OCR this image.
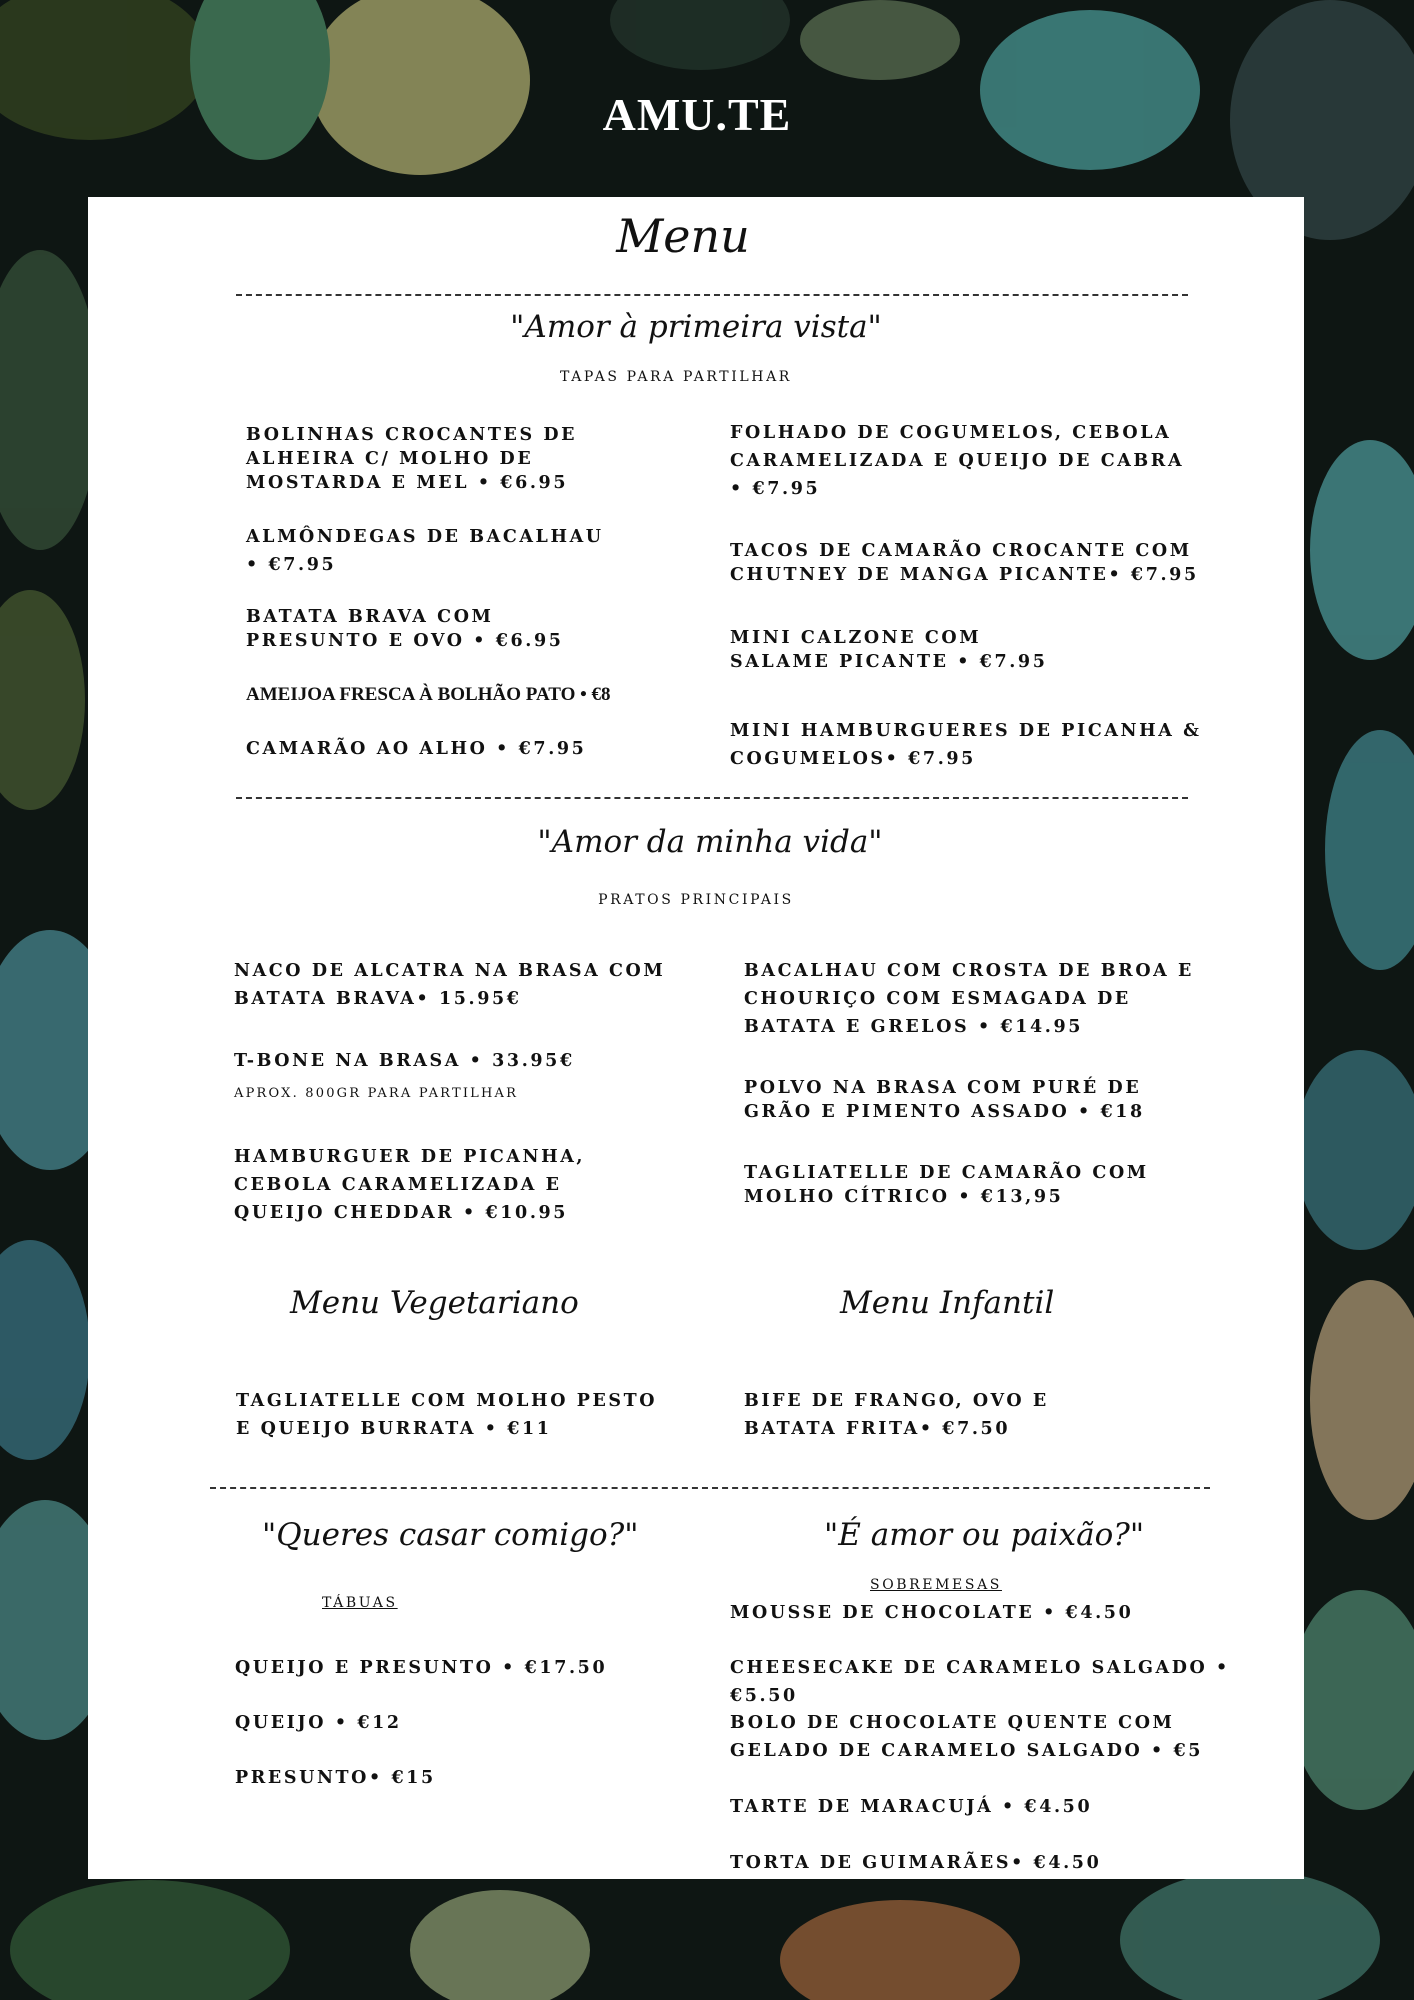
AMU.TE
Menu
"Amor à primeira vista"
TAPAS PARA PARTILHAR
BOLINHAS CROCANTES DE
ALHEIRA C/ MOLHO DE
MOSTARDA E MEL • €6.95
ALMÔNDEGAS DE BACALHAU
• €7.95
BATATA BRAVA COM
PRESUNTO E OVO • €6.95
AMEIJOA FRESCA À BOLHÃO PATO • €8
CAMARÃO AO ALHO • €7.95
FOLHADO DE COGUMELOS, CEBOLA
CARAMELIZADA E QUEIJO DE CABRA
• €7.95
TACOS DE CAMARÃO CROCANTE COM
CHUTNEY DE MANGA PICANTE• €7.95
MINI CALZONE COM
SALAME PICANTE • €7.95
MINI HAMBURGUERES DE PICANHA &
COGUMELOS• €7.95
"Amor da minha vida"
PRATOS PRINCIPAIS
NACO DE ALCATRA NA BRASA COM
BATATA BRAVA• 15.95€
T-BONE NA BRASA • 33.95€
APROX. 800GR PARA PARTILHAR
HAMBURGUER DE PICANHA,
CEBOLA CARAMELIZADA E
QUEIJO CHEDDAR • €10.95
BACALHAU COM CROSTA DE BROA E
CHOURIÇO COM ESMAGADA DE
BATATA E GRELOS • €14.95
POLVO NA BRASA COM PURÉ DE
GRÃO E PIMENTO ASSADO • €18
TAGLIATELLE DE CAMARÃO COM
MOLHO CÍTRICO • €13,95
Menu Vegetariano
TAGLIATELLE COM MOLHO PESTO
E QUEIJO BURRATA • €11
Menu Infantil
BIFE DE FRANGO, OVO E
BATATA FRITA• €7.50
"Queres casar comigo?"
TÁBUAS
QUEIJO E PRESUNTO • €17.50
QUEIJO • €12
PRESUNTO• €15
"É amor ou paixão?"
SOBREMESAS
MOUSSE DE CHOCOLATE • €4.50
CHEESECAKE DE CARAMELO SALGADO • €5.50
BOLO DE CHOCOLATE QUENTE COM
GELADO DE CARAMELO SALGADO • €5
TARTE DE MARACUJÁ • €4.50
TORTA DE GUIMARÃES• €4.50
